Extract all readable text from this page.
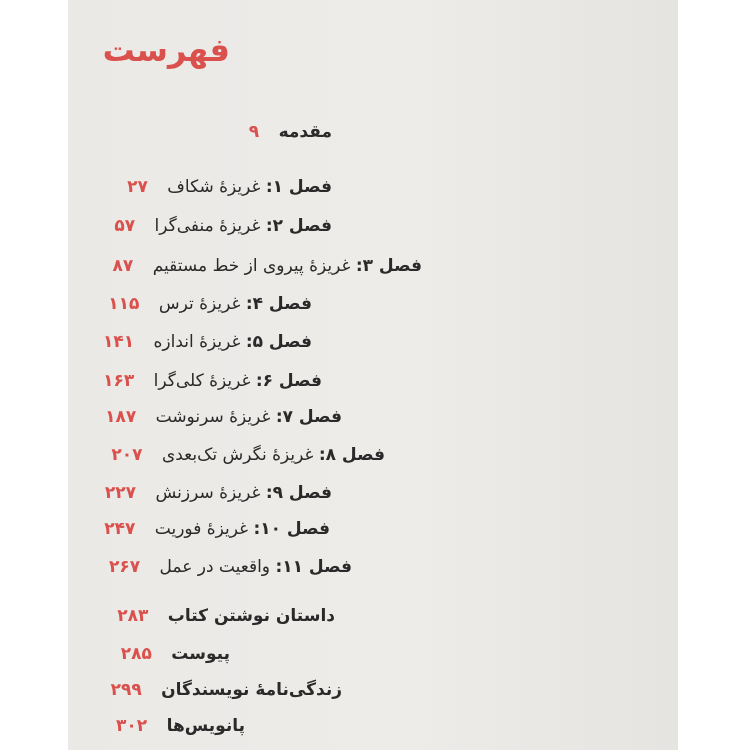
فهرست
مقدمه ۹
فصل ۱: غریزهٔ شکاف ۲۷
فصل ۲: غریزهٔ منفی‌گرا ۵۷
فصل ۳: غریزهٔ پیروی از خط مستقیم ۸۷
فصل ۴: غریزهٔ ترس ۱۱۵
فصل ۵: غریزهٔ اندازه ۱۴۱
فصل ۶: غریزهٔ کلی‌گرا ۱۶۳
فصل ۷: غریزهٔ سرنوشت ۱۸۷
فصل ۸: غریزهٔ نگرش تک‌بعدی ۲۰۷
فصل ۹: غریزهٔ سرزنش ۲۲۷
فصل ۱۰: غریزهٔ فوریت ۲۴۷
فصل ۱۱: واقعیت در عمل ۲۶۷
داستان نوشتن کتاب ۲۸۳
پیوست ۲۸۵
زندگی‌نامهٔ نویسندگان ۲۹۹
پانویس‌ها ۳۰۲
